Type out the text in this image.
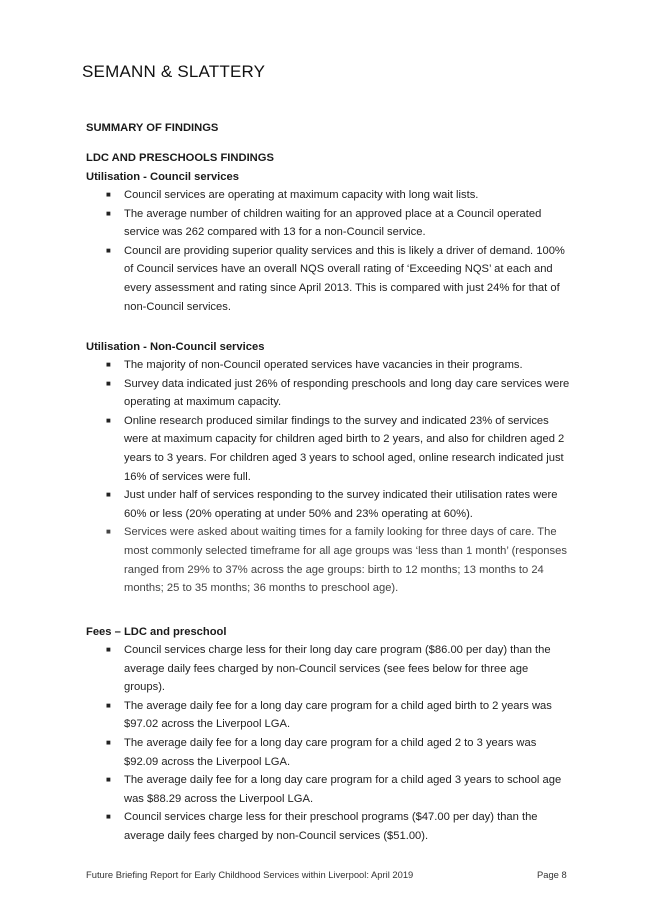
SEMANN & SLATTERY
SUMMARY OF FINDINGS
LDC AND PRESCHOOLS FINDINGS
Utilisation - Council services
■ Council services are operating at maximum capacity with long wait lists.
■ The average number of children waiting for an approved place at a Council operated service was 262 compared with 13 for a non-Council service.
■ Council are providing superior quality services and this is likely a driver of demand. 100% of Council services have an overall NQS overall rating of ‘Exceeding NQS’ at each and every assessment and rating since April 2013. This is compared with just 24% for that of non-Council services.
Utilisation - Non-Council services
■ The majority of non-Council operated services have vacancies in their programs.
■ Survey data indicated just 26% of responding preschools and long day care services were operating at maximum capacity.
■ Online research produced similar findings to the survey and indicated 23% of services were at maximum capacity for children aged birth to 2 years, and also for children aged 2 years to 3 years. For children aged 3 years to school aged, online research indicated just 16% of services were full.
■ Just under half of services responding to the survey indicated their utilisation rates were 60% or less (20% operating at under 50% and 23% operating at 60%).
■ Services were asked about waiting times for a family looking for three days of care. The most commonly selected timeframe for all age groups was ‘less than 1 month’ (responses ranged from 29% to 37% across the age groups: birth to 12 months; 13 months to 24 months; 25 to 35 months; 36 months to preschool age).
Fees – LDC and preschool
■ Council services charge less for their long day care program ($86.00 per day) than the average daily fees charged by non-Council services (see fees below for three age groups).
■ The average daily fee for a long day care program for a child aged birth to 2 years was $97.02 across the Liverpool LGA.
■ The average daily fee for a long day care program for a child aged 2 to 3 years was $92.09 across the Liverpool LGA.
■ The average daily fee for a long day care program for a child aged 3 years to school age was $88.29 across the Liverpool LGA.
■ Council services charge less for their preschool programs ($47.00 per day) than the average daily fees charged by non-Council services ($51.00).
Future Briefing Report for Early Childhood Services within Liverpool: April 2019	Page 8
